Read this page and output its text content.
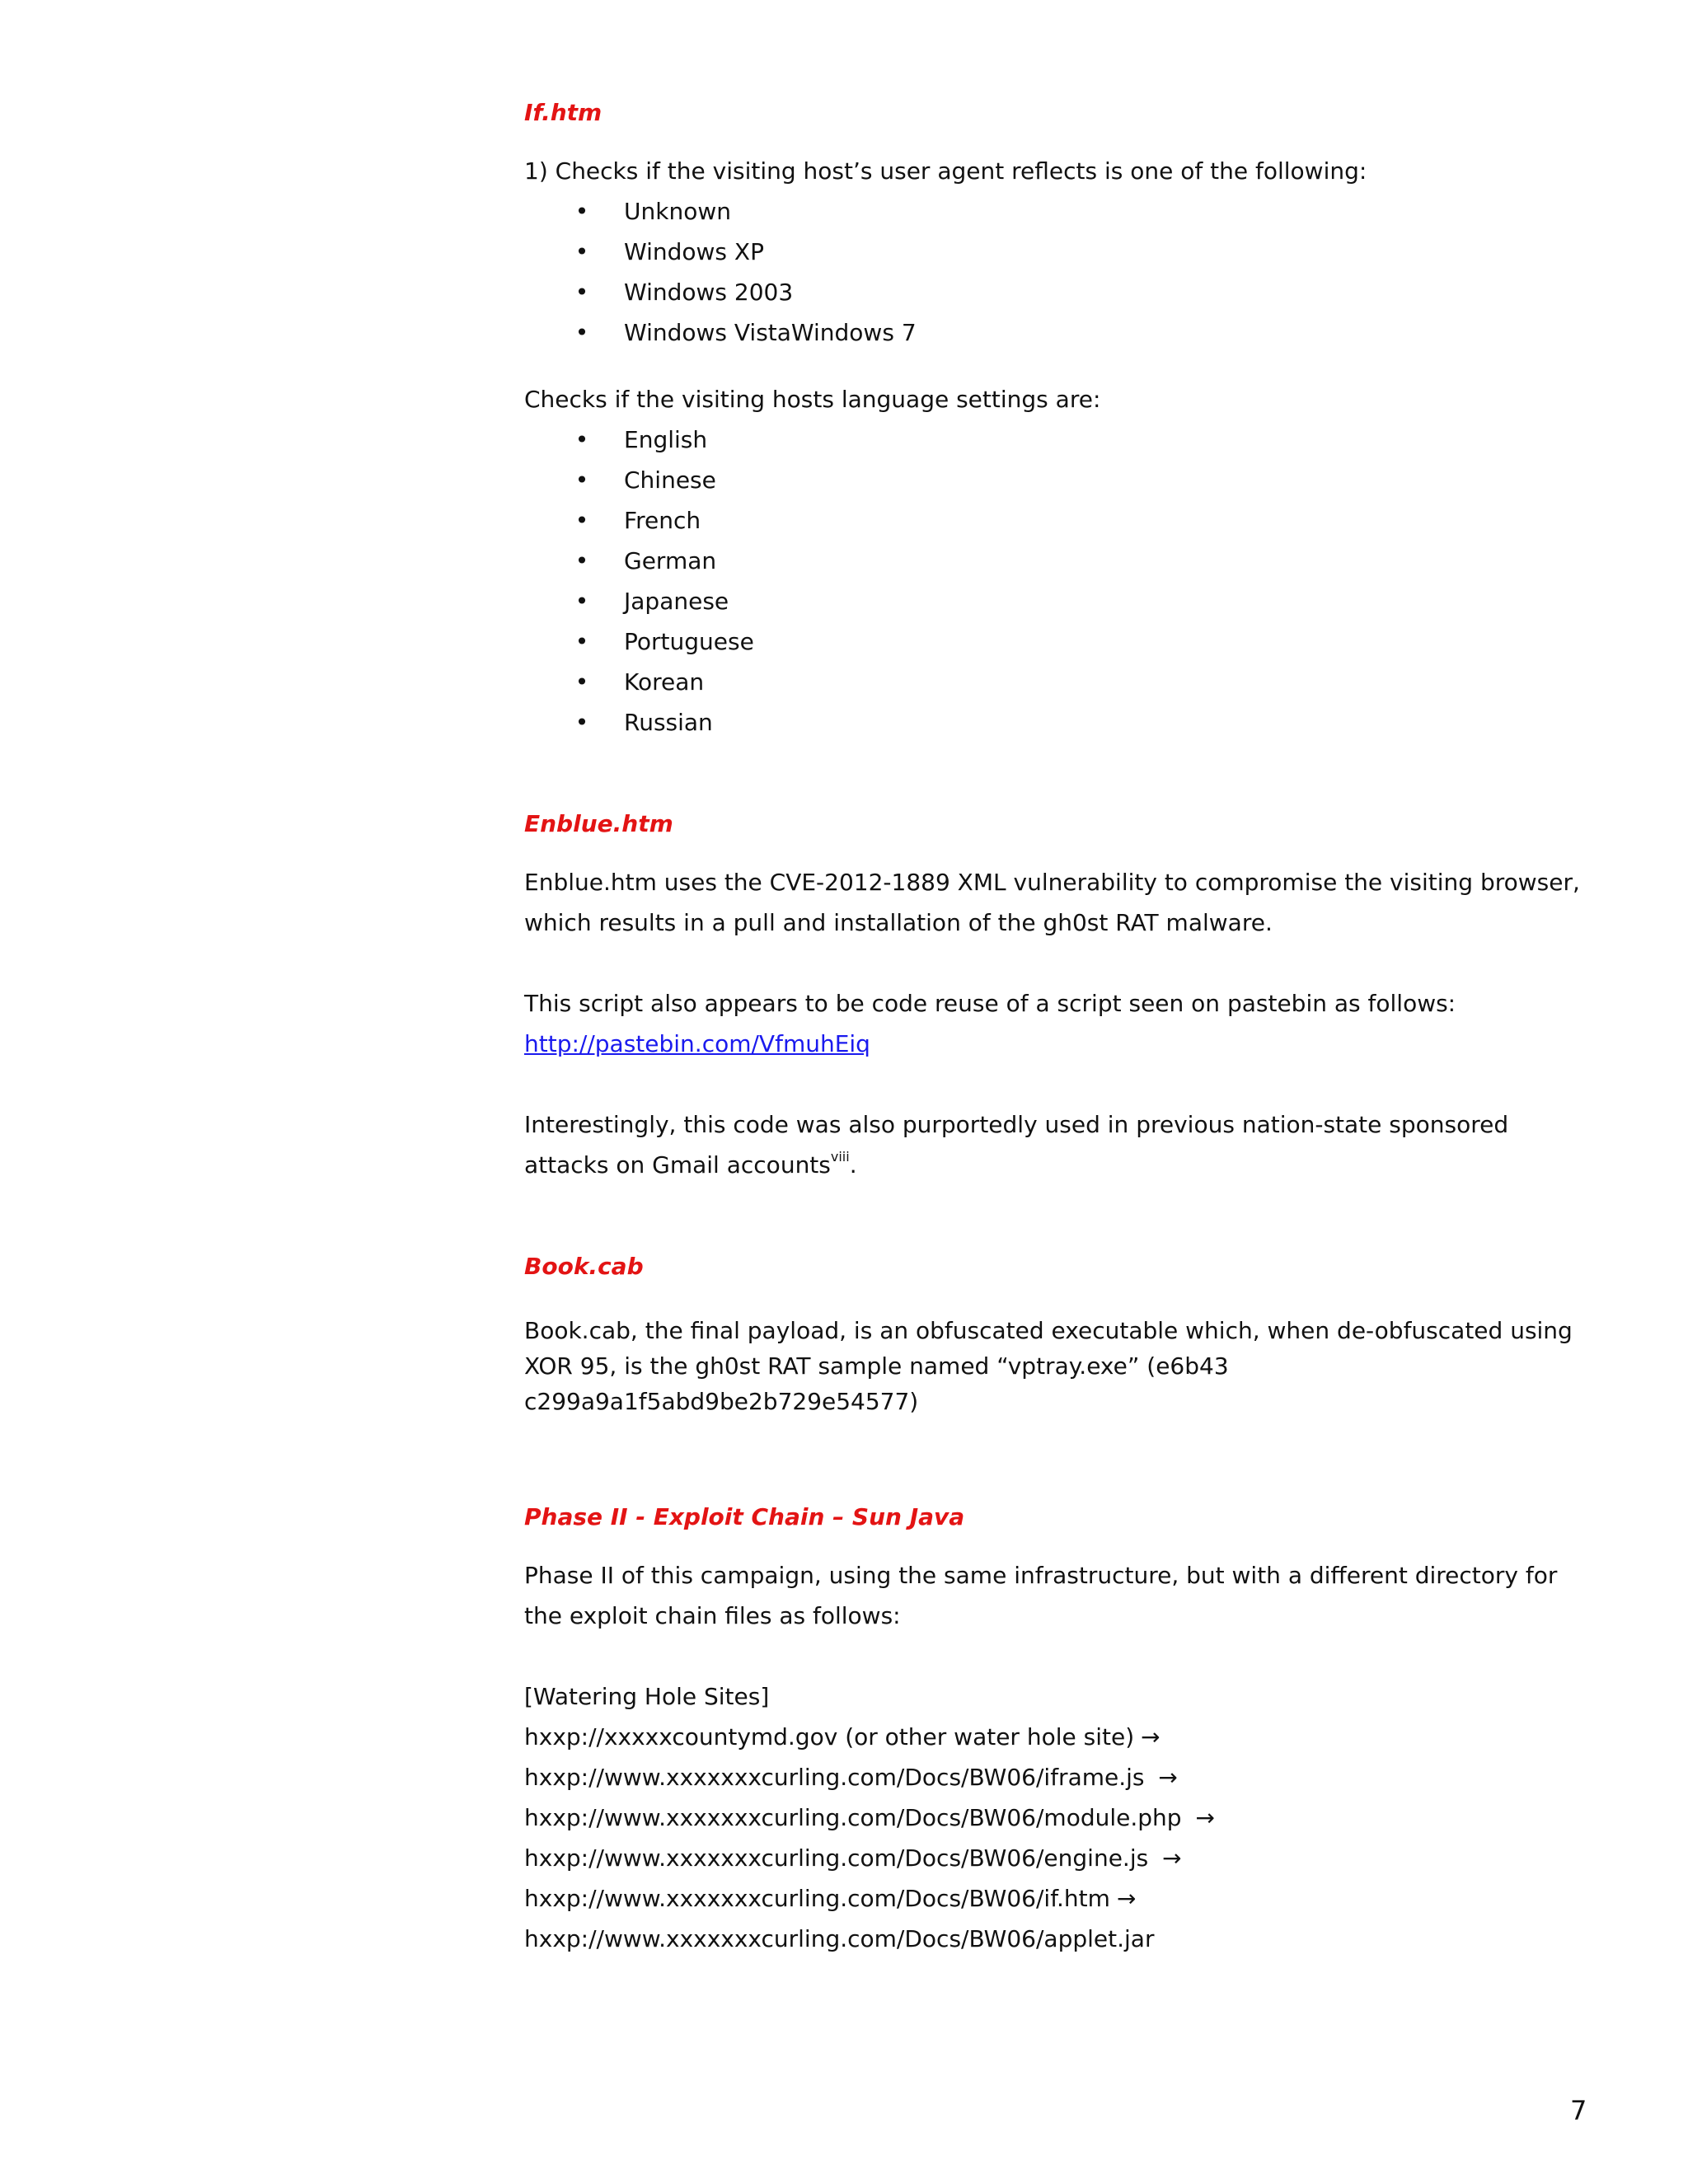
If.htm

1) Checks if the visiting host’s user agent reflects is one of the following:

• Unknown
• Windows XP
• Windows 2003
• Windows VistaWindows 7

Checks if the visiting hosts language settings are:

• English
• Chinese
• French
• German
• Japanese
• Portuguese
• Korean
• Russian

Enblue.htm

Enblue.htm uses the CVE-2012-1889 XML vulnerability to compromise the visiting browser, which results in a pull and installation of the gh0st RAT malware.

This script also appears to be code reuse of a script seen on pastebin as follows:

http://pastebin.com/VfmuhEiq

Interestingly, this code was also purportedly used in previous nation-state sponsored attacks on Gmail accounts$^{viii}$.

Book.cab

Book.cab, the final payload, is an obfuscated executable which, when de-obfuscated using

XOR 95, is the gh0st RAT sample named “vptray.exe” (e6b43

c299a9a1f5abd9be2b729e54577)

Phase II - Exploit Chain – Sun Java

Phase II of this campaign, using the same infrastructure, but with a different directory for the exploit chain files as follows:

[Watering Hole Sites]

hxxp://xxxxxcountymd.gov (or other water hole site) →

hxxp://www.xxxxxxxcurling.com/Docs/BW06/iframe.js →

hxxp://www.xxxxxxxcurling.com/Docs/BW06/module.php →

hxxp://www.xxxxxxxcurling.com/Docs/BW06/engine.js →

hxxp://www.xxxxxxxcurling.com/Docs/BW06/if.htm →

hxxp://www.xxxxxxxcurling.com/Docs/BW06/applet.jar

7
